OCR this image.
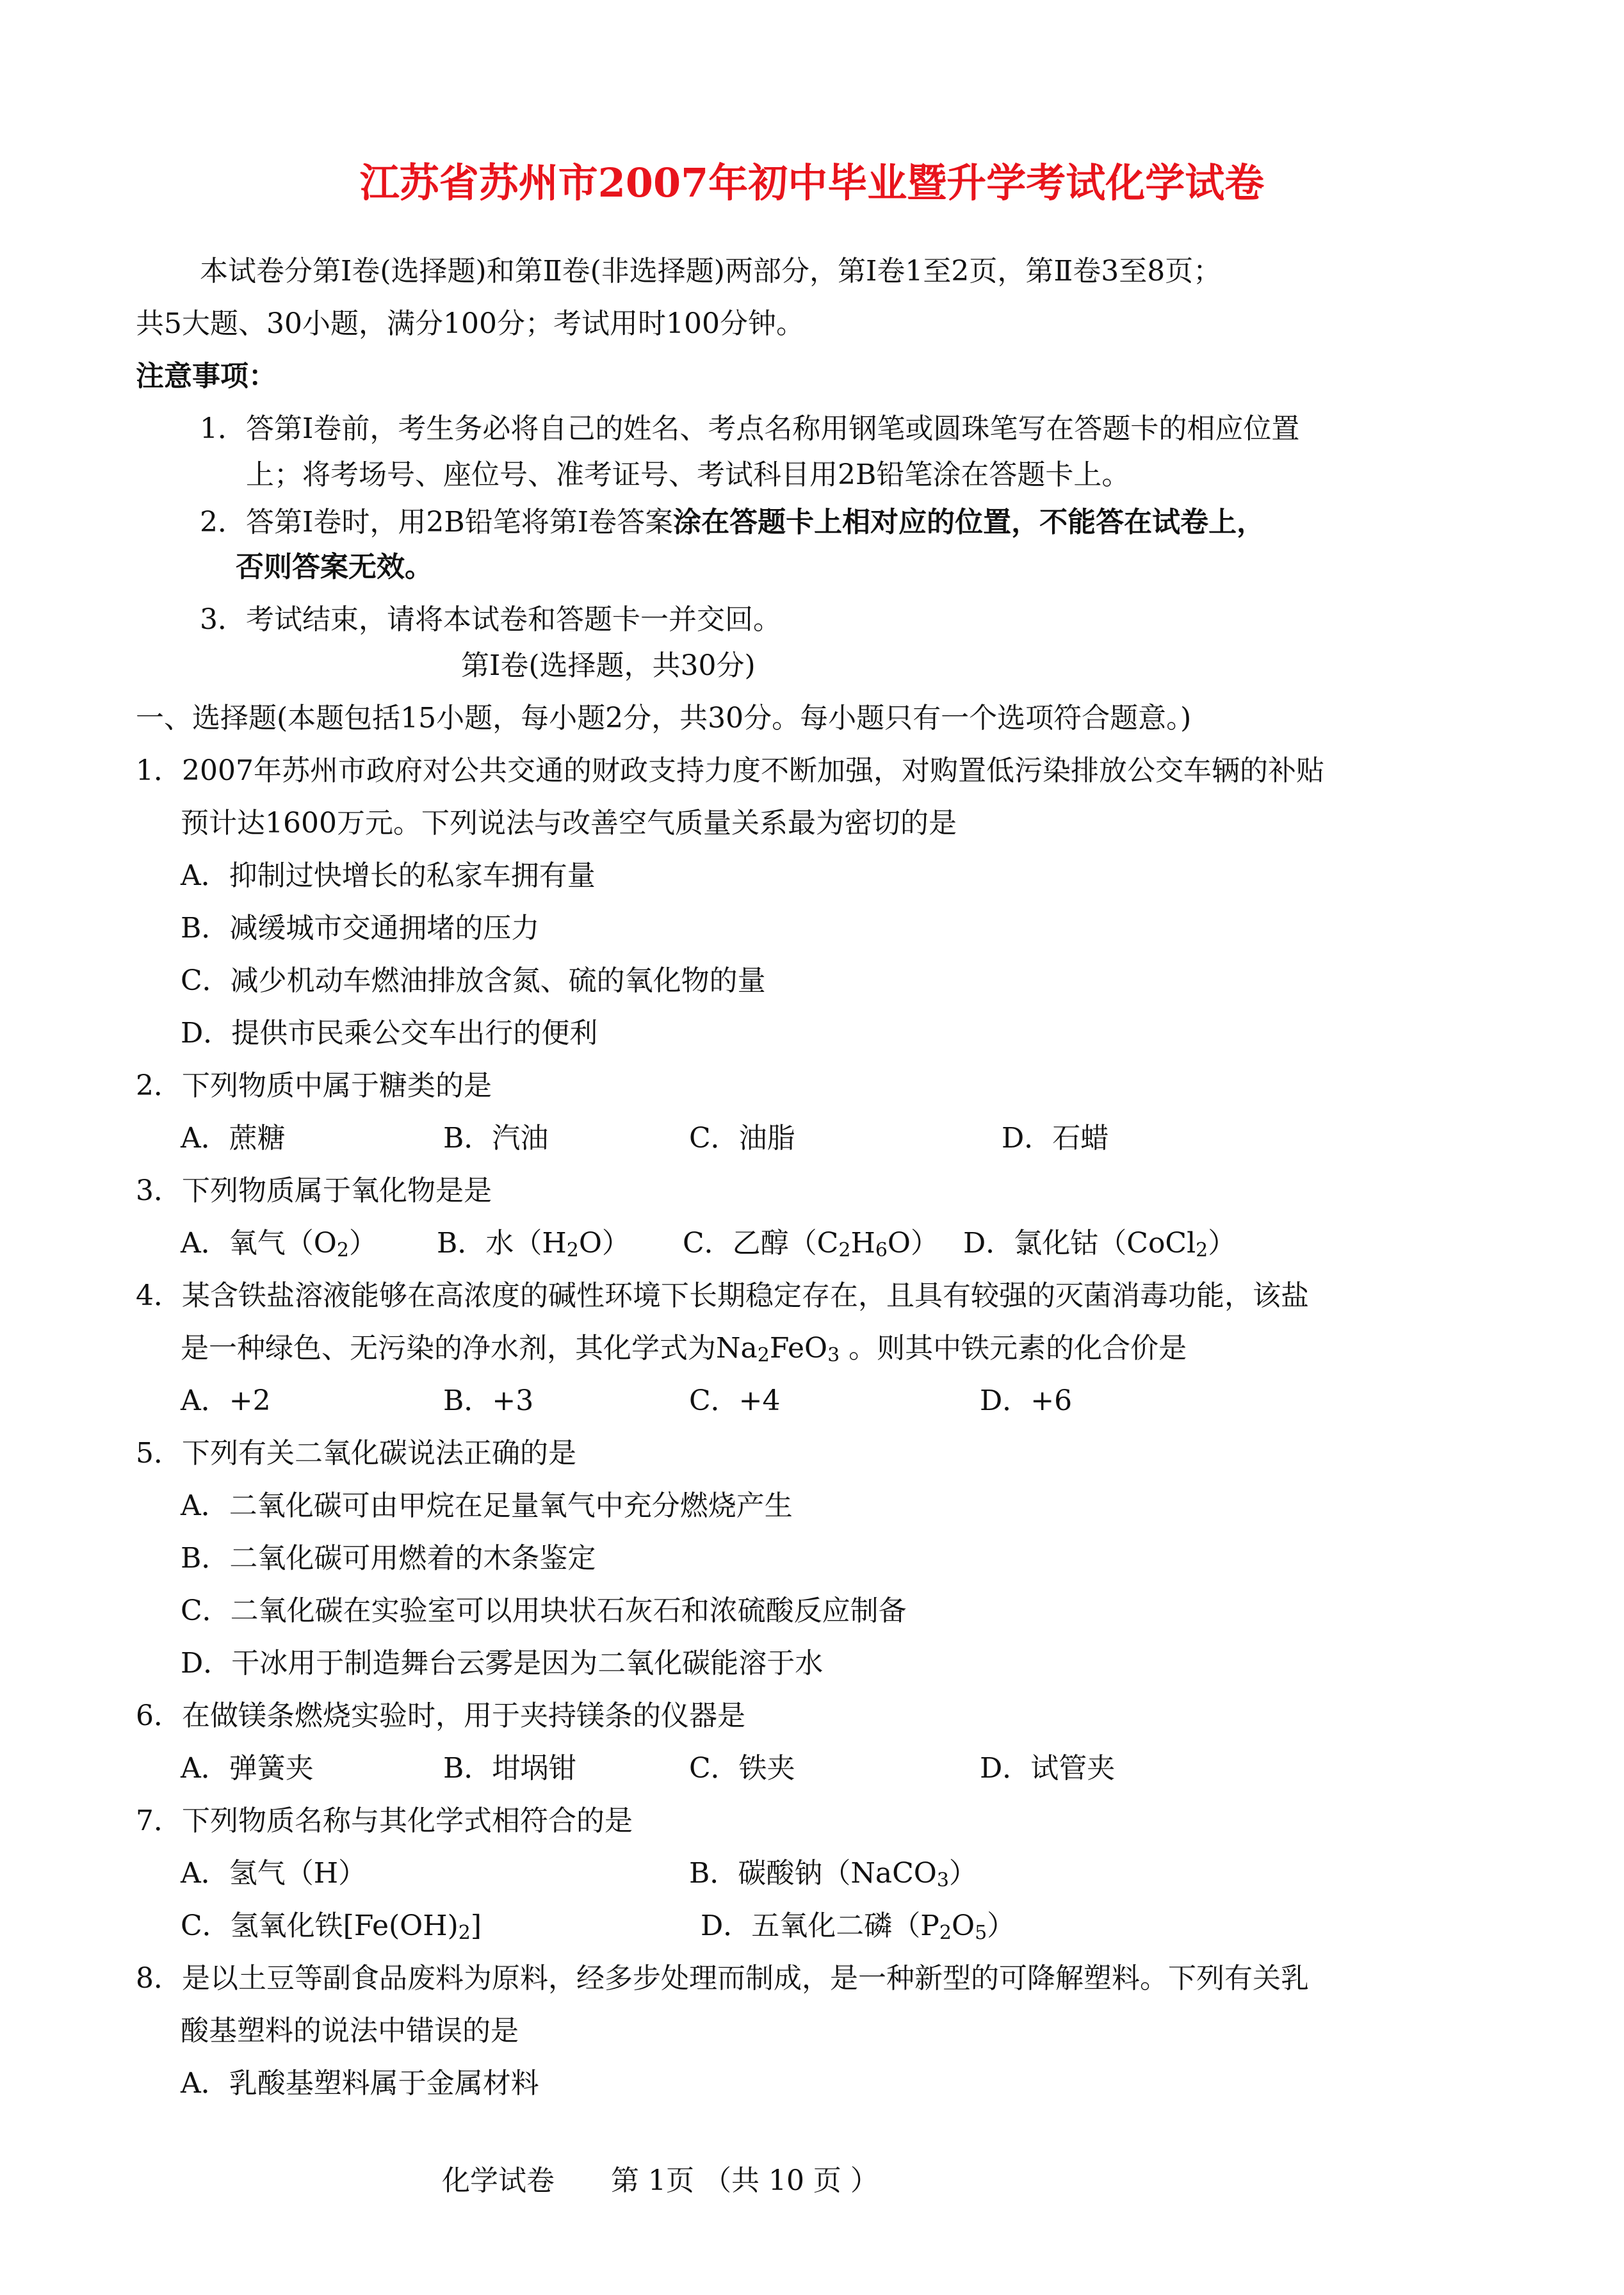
江苏省苏州市2007年初中毕业暨升学考试化学试卷
本试卷分第Ⅰ卷(选择题)和第Ⅱ卷(非选择题)两部分，第Ⅰ卷1至2页，第Ⅱ卷3至8页；
共5大题、30小题，满分100分；考试用时100分钟。
注意事项：
1．答第Ⅰ卷前，考生务必将自己的姓名、考点名称用钢笔或圆珠笔写在答题卡的相应位置
上；将考场号、座位号、准考证号、考试科目用2B铅笔涂在答题卡上。
2．答第Ⅰ卷时，用2B铅笔将第Ⅰ卷答案涂在答题卡上相对应的位置，不能答在试卷上，
否则答案无效。
3．考试结束，请将本试卷和答题卡一并交回。
第Ⅰ卷(选择题，共30分)
一、选择题(本题包括15小题，每小题2分，共30分。每小题只有一个选项符合题意。)
1．2007年苏州市政府对公共交通的财政支持力度不断加强，对购置低污染排放公交车辆的补贴
预计达1600万元。下列说法与改善空气质量关系最为密切的是
A．抑制过快增长的私家车拥有量
B．减缓城市交通拥堵的压力
C．减少机动车燃油排放含氮、硫的氧化物的量
D．提供市民乘公交车出行的便利
2．下列物质中属于糖类的是
A．蔗糖	B．汽油	C．油脂	D．石蜡
3．下列物质属于氧化物是是
A．氧气$(O_2)$ B．水$(H_2O)$ C．乙醇$(C_2H_6O)$ D．氯化钴（CoCl$_2$）
4．某含铁盐溶液能够在高浓度的碱性环境下长期稳定存在，且具有较强的灭菌消毒功能，该盐
是一种绿色、无污染的净水剂，其化学式为$Na_2FeO_3$ 。则其中铁元素的化合价是
A．+2	B．+3	C．+4	D．+6
5．下列有关二氧化碳说法正确的是
A．二氧化碳可由甲烷在足量氧气中充分燃烧产生
B．二氧化碳可用燃着的木条鉴定
C．二氧化碳在实验室可以用块状石灰石和浓硫酸反应制备
D．干冰用于制造舞台云雾是因为二氧化碳能溶于水
6．在做镁条燃烧实验时，用于夹持镁条的仪器是
A．弹簧夹	B．坩埚钳	C．铁夹	D．试管夹
7．下列物质名称与其化学式相符合的是
A．氢气（H）	B．碳酸钠（NaCO$_3$）
C．氢氧化铁$[Fe(OH)_2]$	D．五氧化二磷$(P_2O_5)$
8．是以土豆等副食品废料为原料，经多步处理而制成，是一种新型的可降解塑料。下列有关乳
酸基塑料的说法中错误的是
A．乳酸基塑料属于金属材料
化学试卷　　第 1页 （共 10 页 ）
